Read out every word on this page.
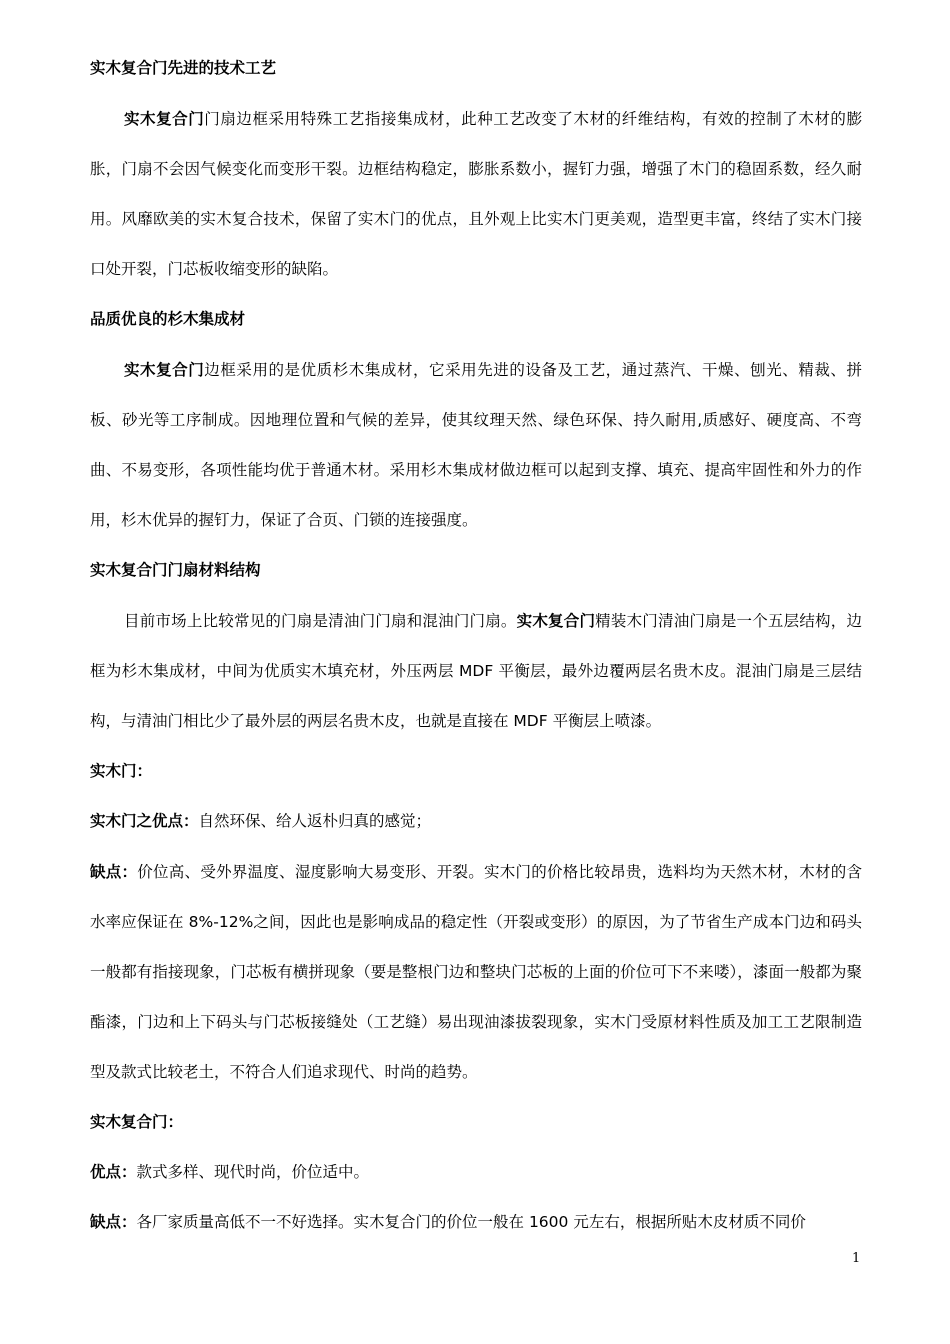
实木复合门先进的技术工艺

实木复合门门扇边框采用特殊工艺指接集成材，此种工艺改变了木材的纤维结构，有效的控制了木材的膨胀，门扇不会因气候变化而变形干裂。边框结构稳定，膨胀系数小，握钉力强，增强了木门的稳固系数，经久耐用。风靡欧美的实木复合技术，保留了实木门的优点，且外观上比实木门更美观，造型更丰富，终结了实木门接口处开裂，门芯板收缩变形的缺陷。

品质优良的杉木集成材

实木复合门边框采用的是优质杉木集成材，它采用先进的设备及工艺，通过蒸汽、干燥、刨光、精裁、拼板、砂光等工序制成。因地理位置和气候的差异，使其纹理天然、绿色环保、持久耐用,质感好、硬度高、不弯曲、不易变形，各项性能均优于普通木材。采用杉木集成材做边框可以起到支撑、填充、提高牢固性和外力的作用，杉木优异的握钉力，保证了合页、门锁的连接强度。

实木复合门门扇材料结构

目前市场上比较常见的门扇是清油门门扇和混油门门扇。实木复合门精装木门清油门扇是一个五层结构，边框为杉木集成材，中间为优质实木填充材，外压两层 MDF 平衡层，最外边覆两层名贵木皮。混油门扇是三层结构，与清油门相比少了最外层的两层名贵木皮，也就是直接在 MDF 平衡层上喷漆。

实木门：
实木门之优点：自然环保、给人返朴归真的感觉；

缺点：价位高、受外界温度、湿度影响大易变形、开裂。实木门的价格比较昂贵，选料均为天然木材，木材的含水率应保证在 8%-12%之间，因此也是影响成品的稳定性（开裂或变形）的原因，为了节省生产成本门边和码头一般都有指接现象，门芯板有横拼现象（要是整根门边和整块门芯板的上面的价位可下不来喽），漆面一般都为聚酯漆，门边和上下码头与门芯板接缝处（工艺缝）易出现油漆拔裂现象，实木门受原材料性质及加工工艺限制造型及款式比较老土，不符合人们追求现代、时尚的趋势。

实木复合门：
优点：款式多样、现代时尚，价位适中。
缺点：各厂家质量高低不一不好选择。实木复合门的价位一般在 1600 元左右，根据所贴木皮材质不同价
1
